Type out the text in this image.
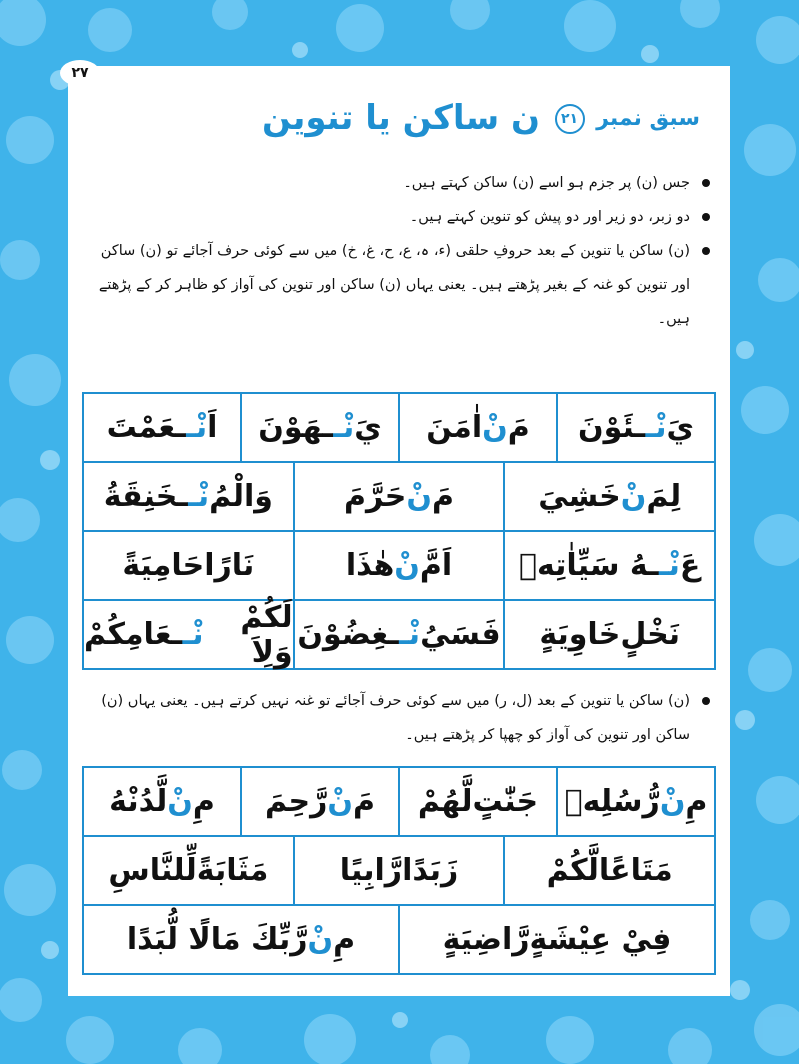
۲۷
سبق نمبر ۲۱
ن ساکن یا تنوین
جس (ن) پر جزم ہو اسے (ن) ساکن کہتے ہیں۔
دو زبر، دو زیر اور دو پیش کو تنوین کہتے ہیں۔
(ن) ساکن یا تنوین کے بعد حروفِ حلقی (ء، ہ، ع، ح، غ، خ) میں سے کوئی حرف آجائے تو (ن) ساکن اور تنوین کو غنہ کے بغیر پڑھتے ہیں۔ یعنی یہاں (ن) ساکن اور تنوین کی آواز کو ظاہر کر کے پڑھتے ہیں۔
يَ
نْـ
ـئَوْنَ
مَ
نْ
اٰمَنَ
يَ
نْـ
ـهَوْنَ
اَ
نْـ
ـعَمْتَ
لِمَ
نْ
خَشِيَ
مَ
نْ
حَرَّمَ
وَالْمُ
نْـ
ـخَنِقَةُ
عَ
نْـ
ـهُ سَيِّاٰتِهٖ
اَمَّ
نْ
هٰذَا
نَارًا
حَامِيَةً
نَخْلٍ
خَاوِيَةٍ
فَسَيُ
نْـ
ـغِضُوْنَ
لَكُمْ وَلِاَ
نْـ
ـعَامِكُمْ
(ن) ساکن یا تنوین کے بعد (ل، ر) میں سے کوئی حرف آجائے تو غنہ نہیں کرتے ہیں۔ یعنی یہاں (ن) ساکن اور تنوین کی آواز کو چھپا کر پڑھتے ہیں۔
مِ
نْ
رُّسُلِهٖ
جَنّٰتٍ
لَّهُمْ
مَ
نْ
رَّحِمَ
مِ
نْ
لَّدُنْهُ
مَتَاعًا
لَّكُمْ
زَبَدًا
رَّابِيًا
مَثَابَةً
لِّلنَّاسِ
فِيْ عِيْشَةٍ
رَّاضِيَةٍ
مِ
نْ
رَّبِّكَ مَالًا لُّبَدًا
